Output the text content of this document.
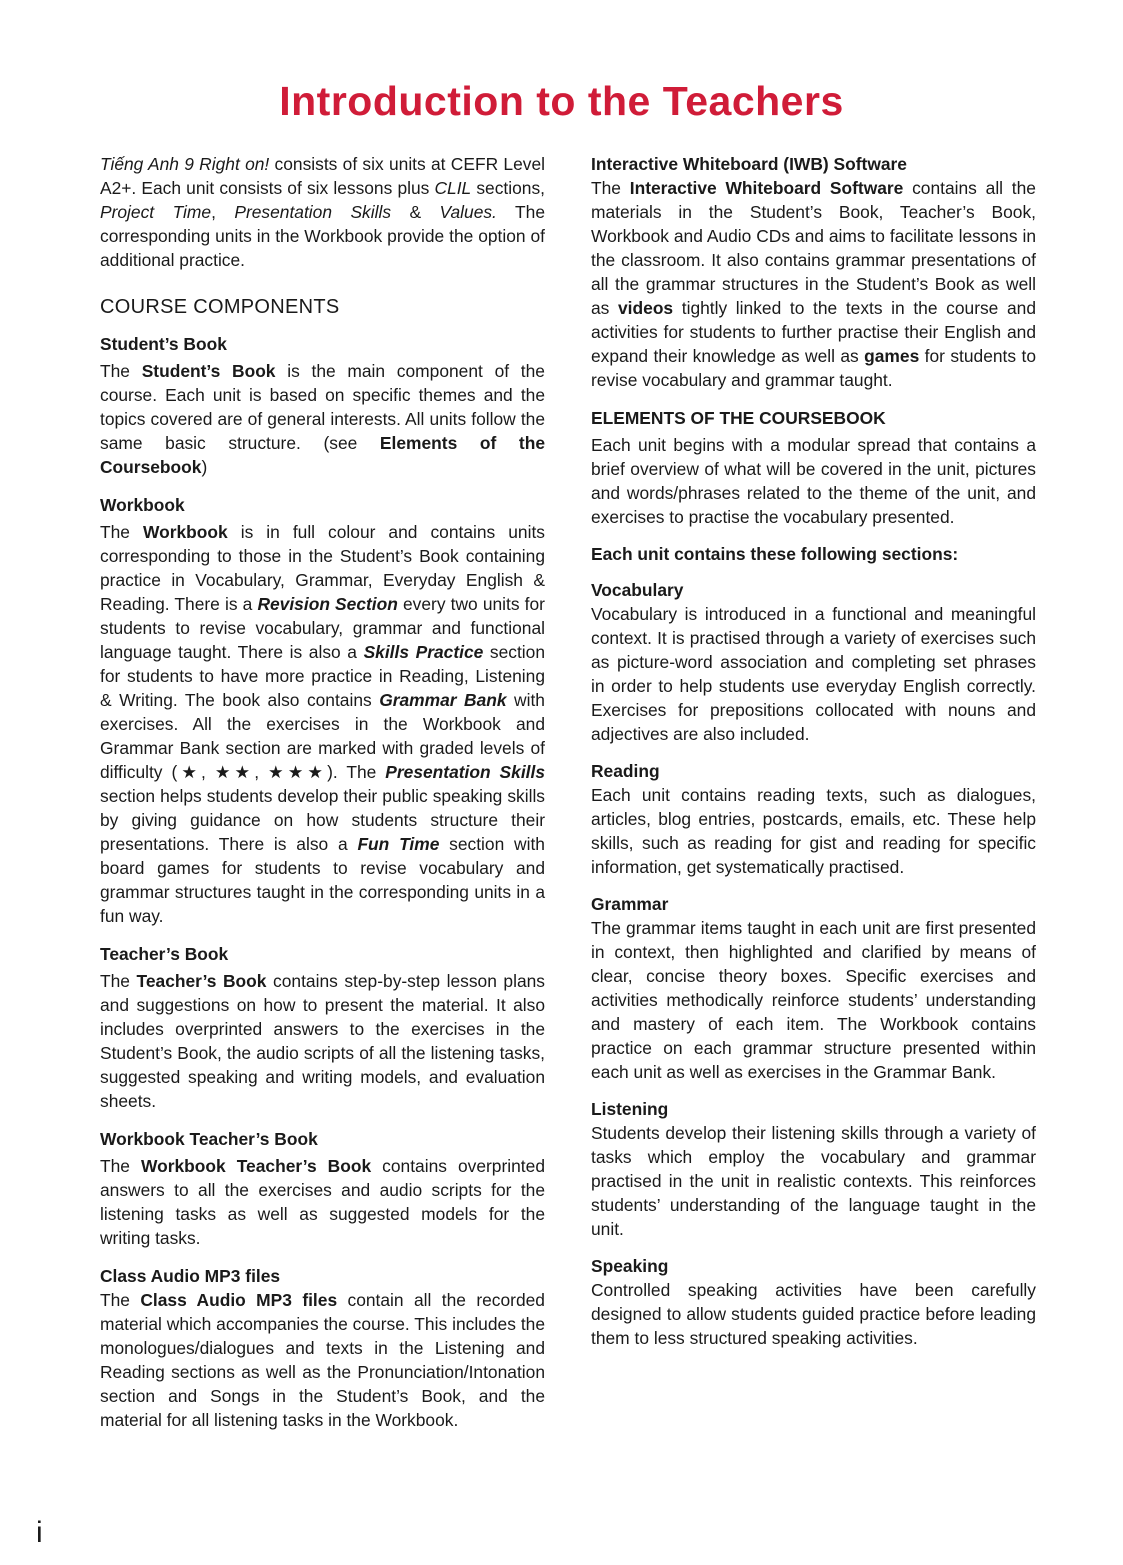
Introduction to the Teachers

Tiếng Anh 9 Right on! consists of six units at CEFR Level A2+. Each unit consists of six lessons plus CLIL sections, Project Time, Presentation Skills & Values. The corresponding units in the Workbook provide the option of additional practice.

COURSE COMPONENTS
Student’s Book

The Student’s Book is the main component of the course. Each unit is based on specific themes and the topics covered are of general interests. All units follow the same basic structure. (see Elements of the Coursebook)

Workbook

The Workbook is in full colour and contains units corresponding to those in the Student’s Book containing practice in Vocabulary, Grammar, Everyday English & Reading. There is a Revision Section every two units for students to revise vocabulary, grammar and functional language taught. There is also a Skills Practice section for students to have more practice in Reading, Listening & Writing. The book also contains Grammar Bank with exercises. All the exercises in the Workbook and Grammar Bank section are marked with graded levels of difficulty (★, ★★, ★★★). The Presentation Skills section helps students develop their public speaking skills by giving guidance on how students structure their presentations. There is also a Fun Time section with board games for students to revise vocabulary and grammar structures taught in the corresponding units in a fun way.

Teacher’s Book

The Teacher’s Book contains step-by-step lesson plans and suggestions on how to present the material. It also includes overprinted answers to the exercises in the Student’s Book, the audio scripts of all the listening tasks, suggested speaking and writing models, and evaluation sheets.

Workbook Teacher’s Book

The Workbook Teacher’s Book contains overprinted answers to all the exercises and audio scripts for the listening tasks as well as suggested models for the writing tasks.

Class Audio MP3 files

The Class Audio MP3 files contain all the recorded material which accompanies the course. This includes the monologues/dialogues and texts in the Listening and Reading sections as well as the Pronunciation/Intonation section and Songs in the Student’s Book, and the material for all listening tasks in the Workbook.

Interactive Whiteboard (IWB) Software

The Interactive Whiteboard Software contains all the materials in the Student’s Book, Teacher’s Book, Workbook and Audio CDs and aims to facilitate lessons in the classroom. It also contains grammar presentations of all the grammar structures in the Student’s Book as well as videos tightly linked to the texts in the course and activities for students to further practise their English and expand their knowledge as well as games for students to revise vocabulary and grammar taught.

ELEMENTS OF THE COURSEBOOK

Each unit begins with a modular spread that contains a brief overview of what will be covered in the unit, pictures and words/phrases related to the theme of the unit, and exercises to practise the vocabulary presented.

Each unit contains these following sections:

Vocabulary

Vocabulary is introduced in a functional and meaningful context. It is practised through a variety of exercises such as picture-word association and completing set phrases in order to help students use everyday English correctly. Exercises for prepositions collocated with nouns and adjectives are also included.

Reading

Each unit contains reading texts, such as dialogues, articles, blog entries, postcards, emails, etc. These help skills, such as reading for gist and reading for specific information, get systematically practised.

Grammar

The grammar items taught in each unit are first presented in context, then highlighted and clarified by means of clear, concise theory boxes. Specific exercises and activities methodically reinforce students’ understanding and mastery of each item. The Workbook contains practice on each grammar structure presented within each unit as well as exercises in the Grammar Bank.

Listening

Students develop their listening skills through a variety of tasks which employ the vocabulary and grammar practised in the unit in realistic contexts. This reinforces students’ understanding of the language taught in the unit.

Speaking

Controlled speaking activities have been carefully designed to allow students guided practice before leading them to less structured speaking activities.

i
